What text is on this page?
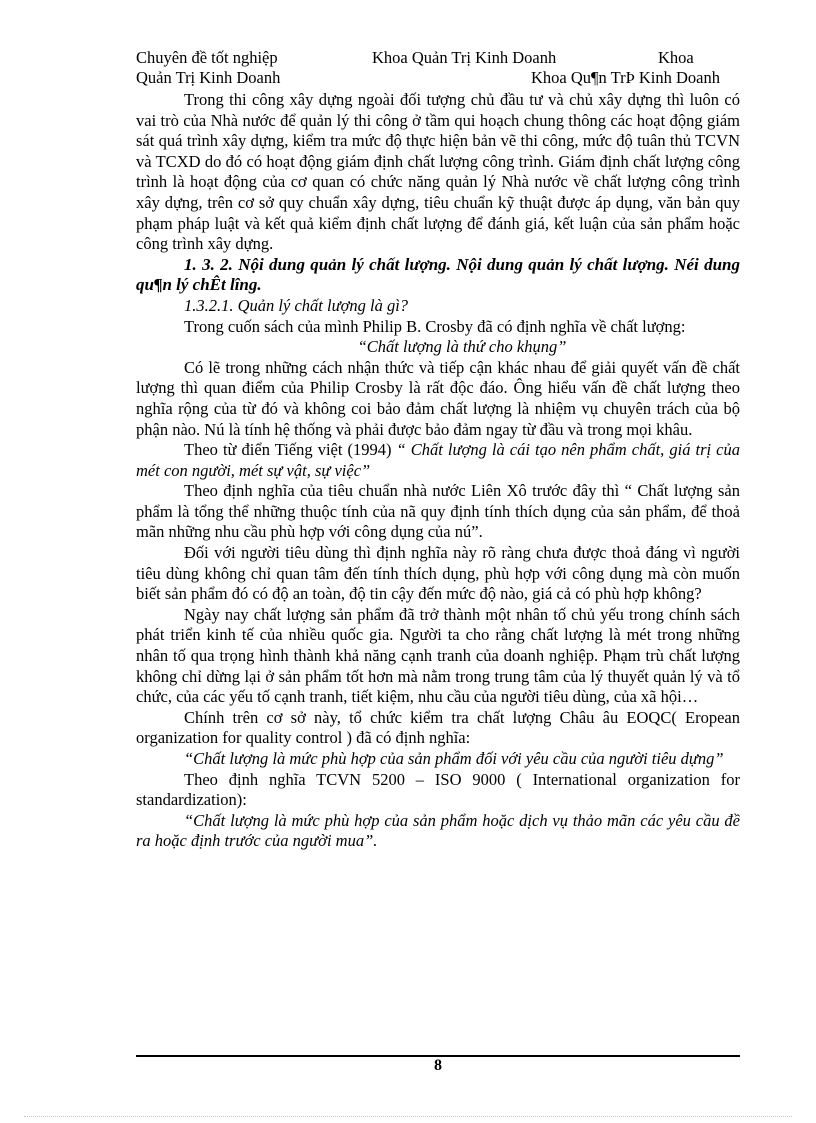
Chuyên đề tốt nghiệp	Khoa Quản Trị Kinh Doanh	Khoa
Quản Trị Kinh Doanh	Khoa Qu¶n TrÞ Kinh Doanh

Trong thi công xây dựng ngoài đối tượng chủ đầu tư và chủ xây dựng thì luôn có vai trò của Nhà nước để quản lý thi công ở tầm qui hoạch chung thông các hoạt động giám sát quá trình xây dựng, kiểm tra mức độ thực hiện bản vẽ thi công, mức độ tuân thủ TCVN và TCXD do đó có hoạt động giám định chất lượng công trình. Giám định chất lượng công trình là hoạt động của cơ quan có chức năng quản lý Nhà nước về chất lượng công trình xây dựng, trên cơ sở quy chuẩn xây dựng, tiêu chuẩn kỹ thuật được áp dụng, văn bản quy phạm pháp luật và kết quả kiểm định chất lượng để đánh giá, kết luận của sản phẩm hoặc công trình xây dựng.

1. 3. 2. Nội dung quản lý chất lượng. Nội dung quản lý chất lượng. Néi dung qu¶n lý chÊt lîng.

1.3.2.1. Quản lý chất lượng là gì?

Trong cuốn sách của mình Philip B. Crosby đã có định nghĩa về chất lượng:

“Chất lượng là thứ cho khụng”

Có lẽ trong những cách nhận thức và tiếp cận khác nhau để giải quyết vấn đề chất lượng thì quan điểm của Philip Crosby là rất độc đáo. Ông hiểu vấn đề chất lượng theo nghĩa rộng của từ đó và không coi bảo đảm chất lượng là nhiệm vụ chuyên trách của bộ phận nào. Nú là tính hệ thống và phải được bảo đảm ngay từ đầu và trong mọi khâu.

Theo từ điển Tiếng việt (1994) “ Chất lượng là cái tạo nên phẩm chất, giá trị của mét con người, mét sự vật, sự việc”

Theo định nghĩa của tiêu chuẩn nhà nước Liên Xô trước đây thì “ Chất lượng sản phẩm là tổng thể những thuộc tính của nã quy định tính thích dụng của sản phẩm, để thoả mãn những nhu cầu phù hợp với công dụng của nú”.

Đối với người tiêu dùng thì định nghĩa này rõ ràng chưa được thoả đáng vì người tiêu dùng không chỉ quan tâm đến tính thích dụng, phù hợp với công dụng mà còn muốn biết sản phẩm đó có độ an toàn, độ tin cậy đến mức độ nào, giá cả có phù hợp không?

Ngày nay chất lượng sản phẩm đã trở thành một nhân tố chủ yếu trong chính sách phát triển kinh tế của nhiều quốc gia. Người ta cho rằng chất lượng là mét trong những nhân tố qua trọng hình thành khả năng cạnh tranh của doanh nghiệp. Phạm trù chất lượng không chỉ dừng lại ở sản phẩm tốt hơn mà nằm trong trung tâm của lý thuyết quản lý và tổ chức, của các yếu tố cạnh tranh, tiết kiệm, nhu cầu của người tiêu dùng, của xã hội…

Chính trên cơ sở này, tổ chức kiểm tra chất lượng Châu âu EOQC( Eropean organization for quality control ) đã có định nghĩa:

“Chất lượng là mức phù hợp của sản phẩm đối với yêu cầu của người tiêu dựng”

Theo định nghĩa TCVN 5200 – ISO 9000 ( International organization for standardization):

“Chất lượng là mức phù hợp của sản phẩm hoặc dịch vụ thảo mãn các yêu cầu đề ra hoặc định trước của người mua”.

8
